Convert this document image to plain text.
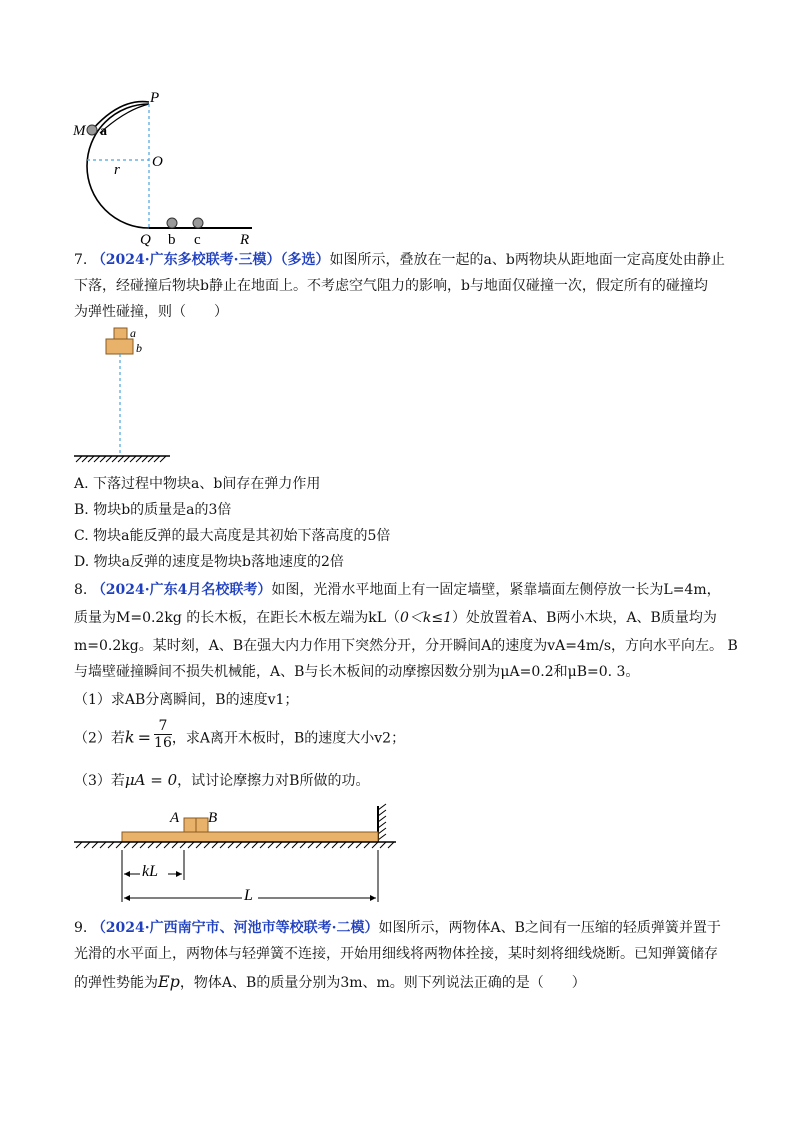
P
M a
O
r
Q b c	R
7. （2024·广东多校联考·三模）（多选）如图所示，叠放在一起的a、b两物块从距地面一定高度处由静止
下落，经碰撞后物块b静止在地面上。不考虑空气阻力的影响，b与地面仅碰撞一次，假定所有的碰撞均
为弹性碰撞，则（　　）
a
b
A. 下落过程中物块a、b间存在弹力作用
B. 物块b的质量是a的3倍
C. 物块a能反弹的最大高度是其初始下落高度的5倍
D. 物块a反弹的速度是物块b落地速度的2倍
8. （2024·广东4月名校联考）如图，光滑水平地面上有一固定墙壁，紧靠墙面左侧停放一长为L=4m，
质量为M=0.2kg 的长木板，在距长木板左端为kL（0＜k≤1）处放置着A、B两小木块，A、B质量均为
m=0.2kg。某时刻，A、B在强大内力作用下突然分开，分开瞬间A的速度为vA=4m/s，方向水平向左。 B
与墙壁碰撞瞬间不损失机械能，A、B与长木板间的动摩擦因数分别为μA=0.2和μB=0. 3。
（1）求AB分离瞬间，B的速度v1；
（2）若$k = \frac{7}{16}$ ，求A离开木板时，B的速度大小v2；
（3）若μA = 0，试讨论摩擦力对B所做的功。
A B
kL
L
9. （2024·广西南宁市、河池市等校联考·二模）如图所示，两物体A、B之间有一压缩的轻质弹簧并置于
光滑的水平面上，两物体与轻弹簧不连接，开始用细线将两物体拴接，某时刻将细线烧断。已知弹簧储存
的弹性势能为Ep，物体A、B的质量分别为3m、m。则下列说法正确的是（　　）
